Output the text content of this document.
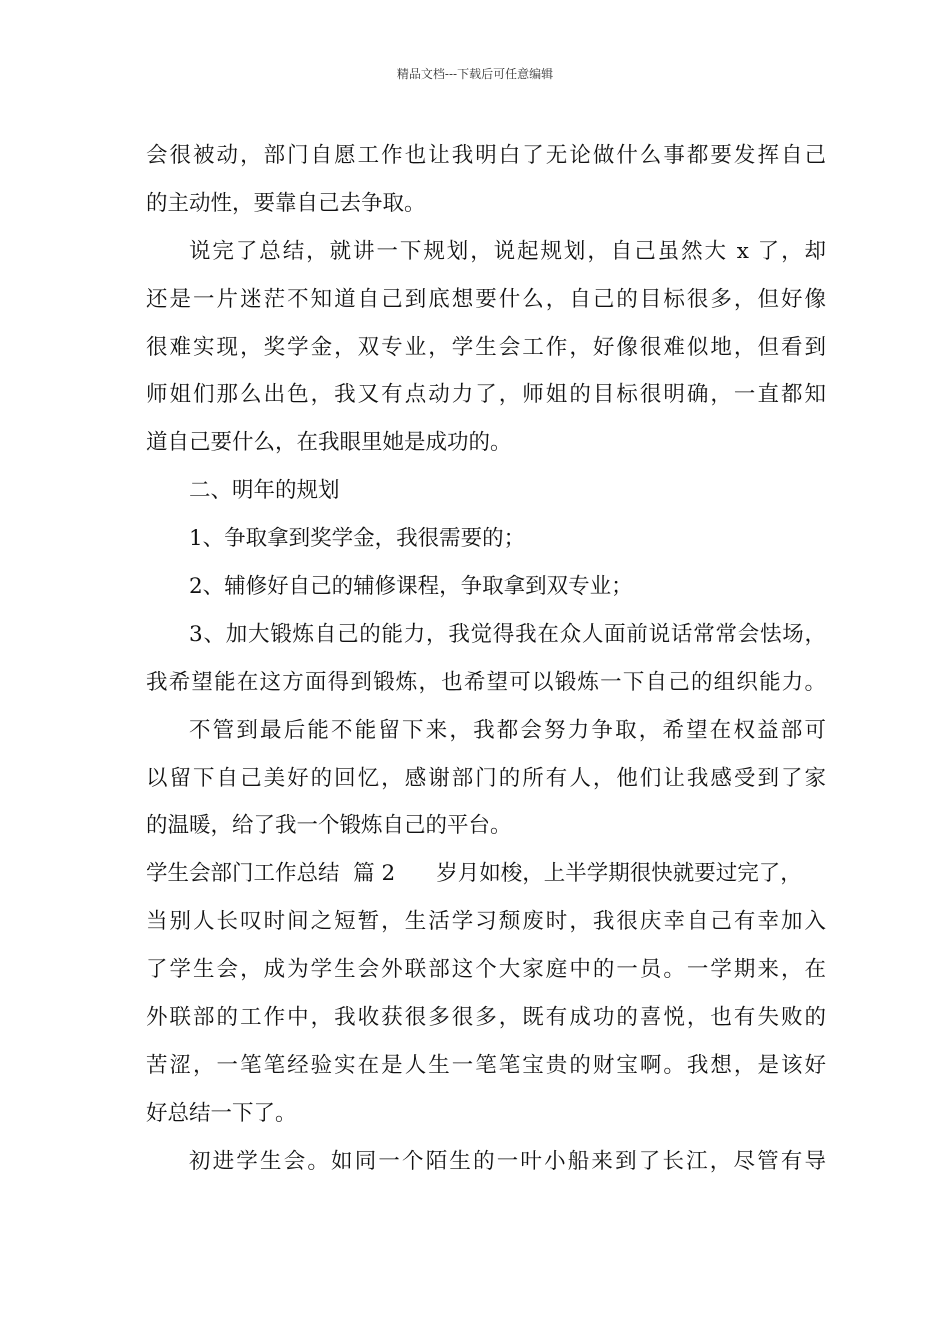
精品文档---下载后可任意编辑
会很被动，部门自愿工作也让我明白了无论做什么事都要发挥自己
的主动性，要靠自己去争取。
说完了总结，就讲一下规划，说起规划，自己虽然大 x 了，却
还是一片迷茫不知道自己到底想要什么，自己的目标很多，但好像
很难实现，奖学金，双专业，学生会工作，好像很难似地，但看到
师姐们那么出色，我又有点动力了，师姐的目标很明确，一直都知
道自己要什么，在我眼里她是成功的。
二、明年的规划
1、争取拿到奖学金，我很需要的；
2、辅修好自己的辅修课程，争取拿到双专业；
3、加大锻炼自己的能力，我觉得我在众人面前说话常常会怯场，
我希望能在这方面得到锻炼，也希望可以锻炼一下自己的组织能力。
不管到最后能不能留下来，我都会努力争取，希望在权益部可
以留下自己美好的回忆，感谢部门的所有人，他们让我感受到了家
的温暖，给了我一个锻炼自己的平台。
学生会部门工作总结  篇 2      岁月如梭，上半学期很快就要过完了，
当别人长叹时间之短暂，生活学习颓废时，我很庆幸自己有幸加入
了学生会，成为学生会外联部这个大家庭中的一员。一学期来，在
外联部的工作中，我收获很多很多，既有成功的喜悦，也有失败的
苦涩，一笔笔经验实在是人生一笔笔宝贵的财宝啊。我想，是该好
好总结一下了。
初进学生会。如同一个陌生的一叶小船来到了长江，尽管有导
